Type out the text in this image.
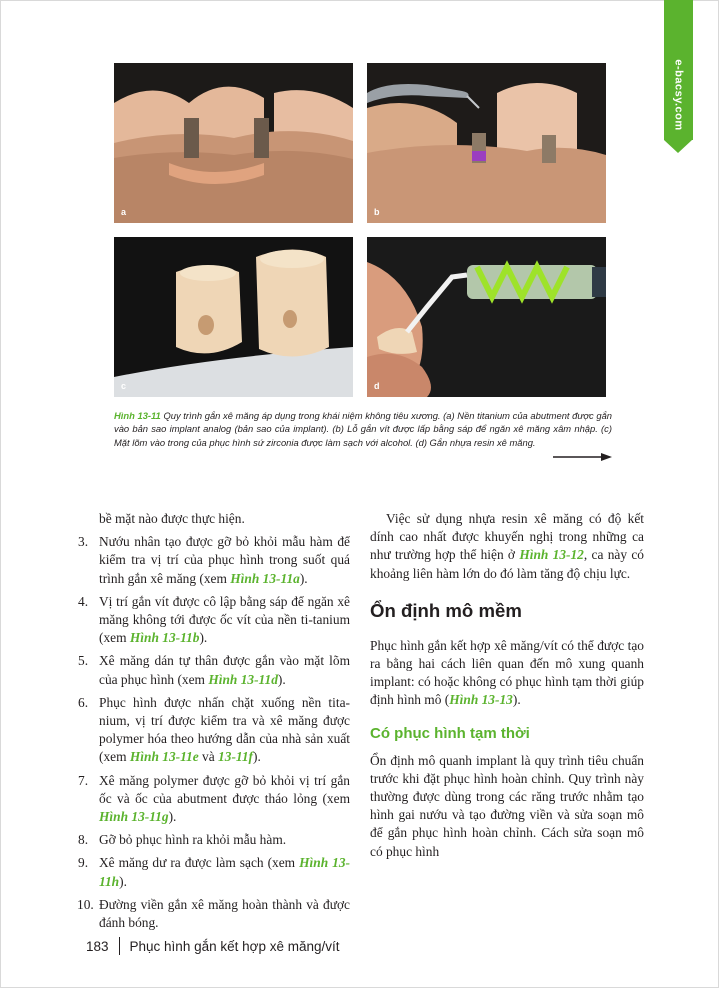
e-bacsy.com
a	b
c	d
Hình 13-11 Quy trình gắn xê măng áp dụng trong khái niệm không tiêu xương. (a) Nền titanium của abutment được gắn vào bản sao implant analog (bản sao của implant). (b) Lỗ gắn vít được lấp bằng sáp để ngăn xê măng xâm nhập. (c) Mặt lõm vào trong của phục hình sứ zirconia được làm sạch với alcohol. (d) Gắn nhựa resin xê măng.

bề mặt nào được thực hiện.

3. Nướu nhân tạo được gỡ bỏ khỏi mẫu hàm để kiểm tra vị trí của phục hình trong suốt quá trình gắn xê măng (xem Hình 13-11a).
4. Vị trí gắn vít được cô lập bằng sáp để ngăn xê măng không tới được ốc vít của nền ti-tanium (xem Hình 13-11b).
5. Xê măng dán tự thân được gắn vào mặt lõm của phục hình (xem Hình 13-11d).
6. Phục hình được nhấn chặt xuống nền tita-nium, vị trí được kiểm tra và xê măng được polymer hóa theo hướng dẫn của nhà sản xuất (xem Hình 13-11e và 13-11f).
7. Xê măng polymer được gỡ bỏ khỏi vị trí gắn ốc và ốc của abutment được tháo lỏng (xem Hình 13-11g).
8. Gỡ bỏ phục hình ra khỏi mẫu hàm.
9. Xê măng dư ra được làm sạch (xem Hình 13-11h).
10. Đường viền gắn xê măng hoàn thành và được đánh bóng.

Việc sử dụng nhựa resin xê măng có độ kết dính cao nhất được khuyến nghị trong những ca như trường hợp thể hiện ở Hình 13-12, ca này có khoảng liên hàm lớn do đó làm tăng độ chịu lực.

Ổn định mô mềm

Phục hình gắn kết hợp xê măng/vít có thể được tạo ra bằng hai cách liên quan đến mô xung quanh implant: có hoặc không có phục hình tạm thời giúp định hình mô (Hình 13-13).

Có phục hình tạm thời

Ổn định mô quanh implant là quy trình tiêu chuẩn trước khi đặt phục hình hoàn chỉnh. Quy trình này thường được dùng trong các răng trước nhằm tạo hình gai nướu và tạo đường viền và sửa soạn mô để gắn phục hình hoàn chỉnh. Cách sửa soạn mô có phục hình

183 Phục hình gắn kết hợp xê măng/vít
